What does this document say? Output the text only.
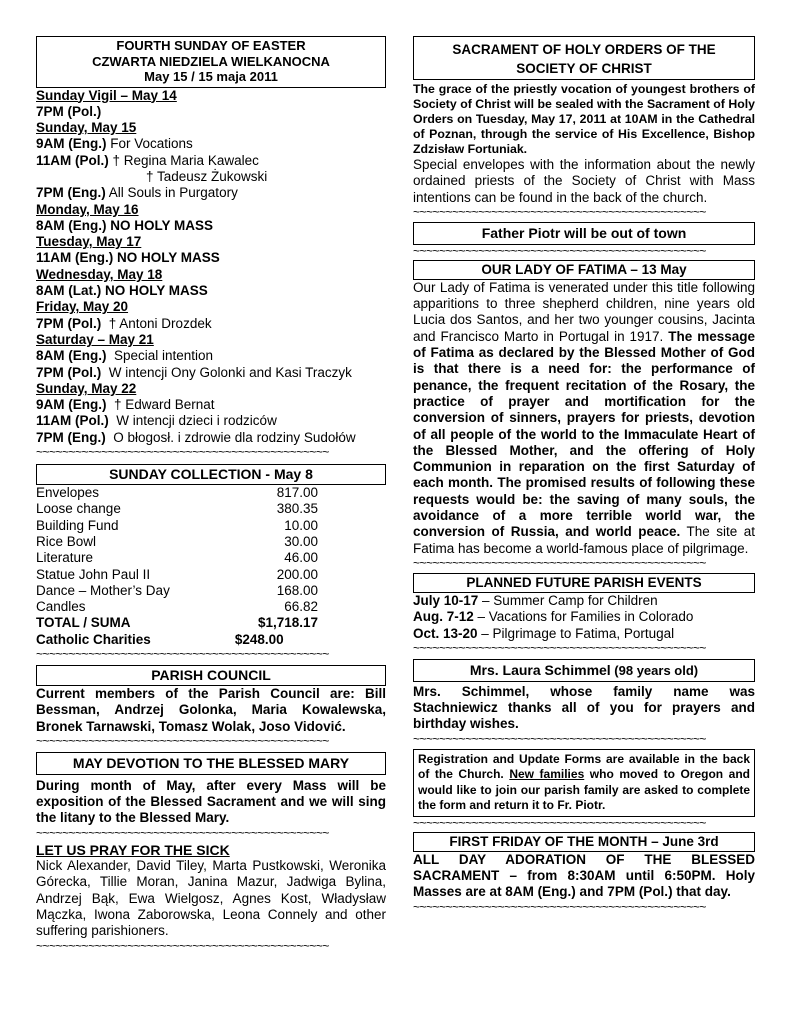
FOURTH SUNDAY OF EASTER
CZWARTA NIEDZIELA WIELKANOCNA
May 15 / 15 maja 2011
Sunday Vigil – May 14
7PM (Pol.)
Sunday, May 15
9AM (Eng.) For Vocations
11AM (Pol.) † Regina Maria Kawalec
† Tadeusz Żukowski
7PM (Eng.) All Souls in Purgatory
Monday, May 16
8AM (Eng.) NO HOLY MASS
Tuesday, May 17
11AM (Eng.) NO HOLY MASS
Wednesday, May 18
8AM (Lat.) NO HOLY MASS
Friday, May 20
7PM (Pol.)  † Antoni Drozdek
Saturday – May 21
8AM (Eng.)  Special intention
7PM (Pol.)  W intencji Ony Golonki and Kasi Traczyk
Sunday, May 22
9AM (Eng.)  † Edward Bernat
11AM (Pol.)  W intencji dzieci i rodziców
7PM (Eng.)  O błogosł. i zdrowie dla rodziny Sudołów
~~~~~~~~~~~~~~~~~~~~~~~~~~~~~~~~~~~~~~~~~~~~~
SUNDAY COLLECTION - May 8
Envelopes	817.00
Loose change	380.35
Building Fund	10.00
Rice Bowl	30.00
Literature	46.00
Statue John Paul II	200.00
Dance – Mother’s Day	168.00
Candles	66.82
TOTAL / SUMA	$1,718.17
Catholic Charities	$248.00
~~~~~~~~~~~~~~~~~~~~~~~~~~~~~~~~~~~~~~~~~~~~~
PARISH COUNCIL
Current members of the Parish Council are: Bill Bessman, Andrzej Golonka, Maria Kowalewska, Bronek Tarnawski, Tomasz Wolak, Joso Vidović.
~~~~~~~~~~~~~~~~~~~~~~~~~~~~~~~~~~~~~~~~~~~~~
MAY DEVOTION TO THE BLESSED MARY
During month of May, after every Mass will be exposition of the Blessed Sacrament and we will sing the litany to the Blessed Mary.
~~~~~~~~~~~~~~~~~~~~~~~~~~~~~~~~~~~~~~~~~~~~~
LET US PRAY FOR THE SICK
Nick Alexander, David Tiley, Marta Pustkowski, Weronika Górecka, Tillie Moran, Janina Mazur, Jadwiga Bylina, Andrzej Bąk, Ewa Wielgosz, Agnes Kost, Władysław Mączka, Iwona Zaborowska, Leona Connely and other suffering parishioners.
~~~~~~~~~~~~~~~~~~~~~~~~~~~~~~~~~~~~~~~~~~~~~
SACRAMENT OF HOLY ORDERS OF THE
SOCIETY OF CHRIST
The grace of the priestly vocation of youngest brothers of Society of Christ will be sealed with the Sacrament of Holy Orders on Tuesday, May 17, 2011 at 10AM in the Cathedral of Poznan, through the service of His Excellence, Bishop Zdzisław Fortuniak.
Special envelopes with the information about the newly ordained priests of the Society of Christ with Mass intentions can be found in the back of the church.
~~~~~~~~~~~~~~~~~~~~~~~~~~~~~~~~~~~~~~~~~~~~~
Father Piotr will be out of town
~~~~~~~~~~~~~~~~~~~~~~~~~~~~~~~~~~~~~~~~~~~~~
OUR LADY OF FATIMA – 13 May
Our Lady of Fatima is venerated under this title following apparitions to three shepherd children, nine years old Lucia dos Santos, and her two younger cousins, Jacinta and Francisco Marto in Portugal in 1917. The message of Fatima as declared by the Blessed Mother of God is that there is a need for: the performance of penance, the frequent recitation of the Rosary, the practice of prayer and mortification for the conversion of sinners, prayers for priests, devotion of all people of the world to the Immaculate Heart of the Blessed Mother, and the offering of Holy Communion in reparation on the first Saturday of each month. The promised results of following these requests would be: the saving of many souls, the avoidance of a more terrible world war, the conversion of Russia, and world peace. The site at Fatima has become a world-famous place of pilgrimage.
~~~~~~~~~~~~~~~~~~~~~~~~~~~~~~~~~~~~~~~~~~~~~
PLANNED FUTURE PARISH EVENTS
July 10-17 – Summer Camp for Children
Aug. 7-12 – Vacations for Families in Colorado
Oct. 13-20 – Pilgrimage to Fatima, Portugal
~~~~~~~~~~~~~~~~~~~~~~~~~~~~~~~~~~~~~~~~~~~~~
Mrs. Laura Schimmel (98 years old)
Mrs. Schimmel, whose family name was Stachniewicz thanks all of you for prayers and birthday wishes.
~~~~~~~~~~~~~~~~~~~~~~~~~~~~~~~~~~~~~~~~~~~~~
Registration and Update Forms are available in the back of the Church. New families who moved to Oregon and would like to join our parish family are asked to complete the form and return it to Fr. Piotr.
~~~~~~~~~~~~~~~~~~~~~~~~~~~~~~~~~~~~~~~~~~~~~
FIRST FRIDAY OF THE MONTH – June 3rd
ALL DAY ADORATION OF THE BLESSED SACRAMENT – from 8:30AM until 6:50PM. Holy Masses are at 8AM (Eng.) and 7PM (Pol.) that day.
~~~~~~~~~~~~~~~~~~~~~~~~~~~~~~~~~~~~~~~~~~~~~
